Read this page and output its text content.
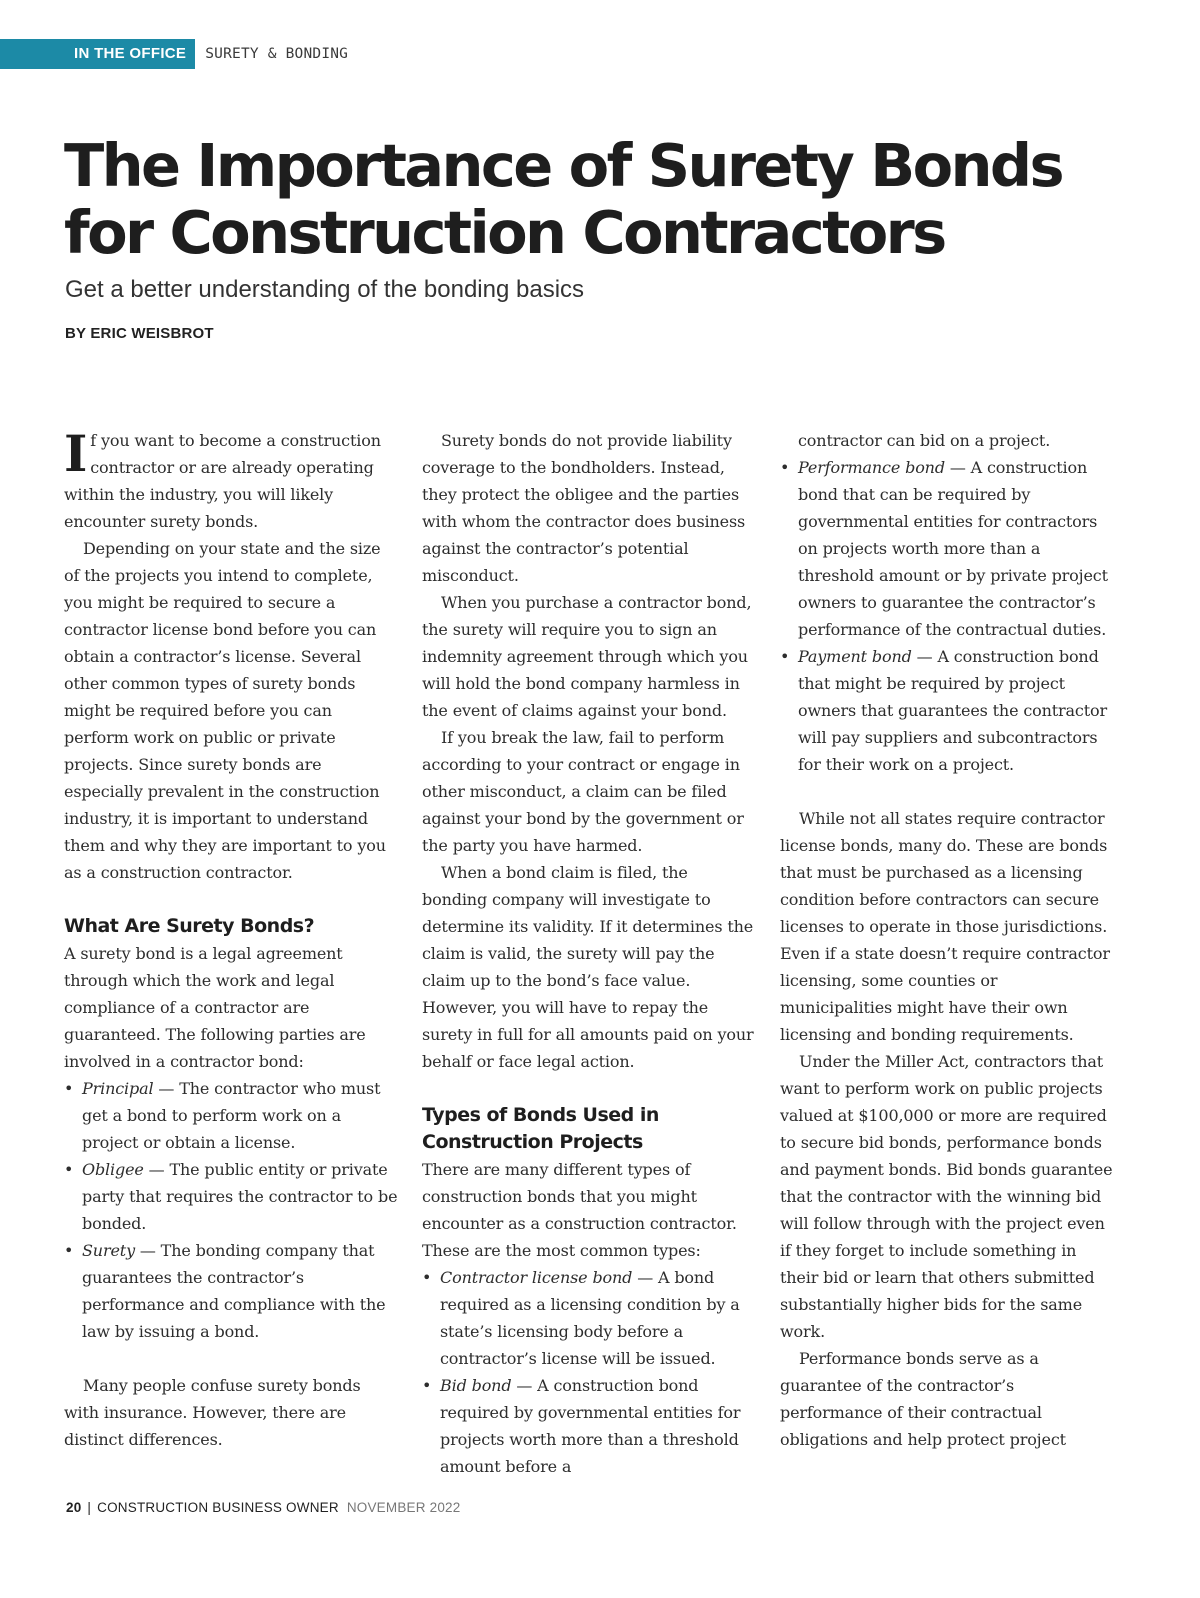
IN THE OFFICE	SURETY & BONDING
The Importance of Surety Bonds for Construction Contractors

Get a better understanding of the bonding basics

BY ERIC WEISBROT

If you want to become a construction contractor or are already operating within the industry, you will likely encounter surety bonds.

Depending on your state and the size of the projects you intend to complete, you might be required to secure a contractor license bond before you can obtain a contractor’s license. Several other common types of surety bonds might be required before you can perform work on public or private projects. Since surety bonds are especially prevalent in the construction industry, it is important to understand them and why they are important to you as a construction contractor.

What Are Surety Bonds?

A surety bond is a legal agreement through which the work and legal compliance of a contractor are guaranteed. The following parties are involved in a contractor bond:

• Principal — The contractor who must get a bond to perform work on a project or obtain a license.
• Obligee — The public entity or private party that requires the contractor to be bonded.
• Surety — The bonding company that guarantees the contractor’s performance and compliance with the law by issuing a bond.

Many people confuse surety bonds with insurance. However, there are distinct differences.

Surety bonds do not provide liability coverage to the bondholders. Instead, they protect the obligee and the parties with whom the contractor does business against the contractor’s potential misconduct.

When you purchase a contractor bond, the surety will require you to sign an indemnity agreement through which you will hold the bond company harmless in the event of claims against your bond.

If you break the law, fail to perform according to your contract or engage in other misconduct, a claim can be filed against your bond by the government or the party you have harmed.

When a bond claim is filed, the bonding company will investigate to determine its validity. If it determines the claim is valid, the surety will pay the claim up to the bond’s face value. However, you will have to repay the surety in full for all amounts paid on your behalf or face legal action.

Types of Bonds Used in Construction Projects

There are many different types of construction bonds that you might encounter as a construction contractor. These are the most common types:

• Contractor license bond — A bond required as a licensing condition by a state’s licensing body before a contractor’s license will be issued.
• Bid bond — A construction bond required by governmental entities for projects worth more than a threshold amount before a

contractor can bid on a project.

• Performance bond — A construction bond that can be required by governmental entities for contractors on projects worth more than a threshold amount or by private project owners to guarantee the contractor’s performance of the contractual duties.
• Payment bond — A construction bond that might be required by project owners that guarantees the contractor will pay suppliers and subcontractors for their work on a project.

While not all states require contractor license bonds, many do. These are bonds that must be purchased as a licensing condition before contractors can secure licenses to operate in those jurisdictions. Even if a state doesn’t require contractor licensing, some counties or municipalities might have their own licensing and bonding requirements.

Under the Miller Act, contractors that want to perform work on public projects valued at $100,000 or more are required to secure bid bonds, performance bonds and payment bonds. Bid bonds guarantee that the contractor with the winning bid will follow through with the project even if they forget to include something in their bid or learn that others submitted substantially higher bids for the same work.

Performance bonds serve as a guarantee of the contractor’s performance of their contractual obligations and help protect project

20 | CONSTRUCTION BUSINESS OWNER NOVEMBER 2022
